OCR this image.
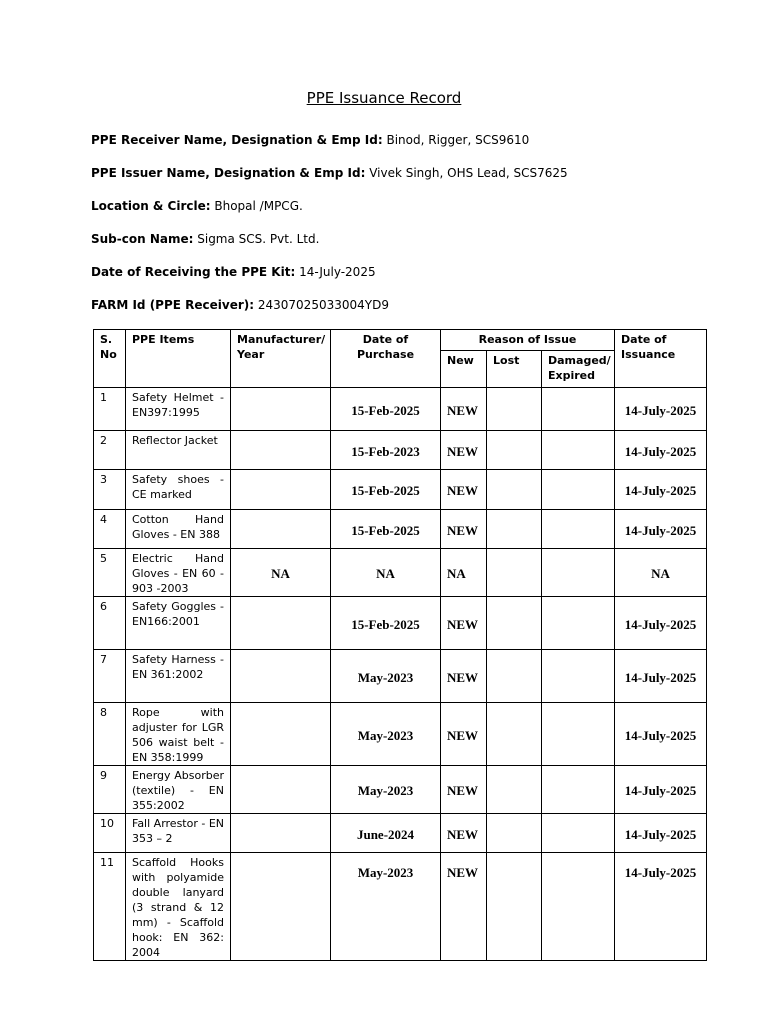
PPE Issuance Record
PPE Receiver Name, Designation & Emp Id: Binod, Rigger, SCS9610
PPE Issuer Name, Designation & Emp Id: Vivek Singh, OHS Lead, SCS7625
Location & Circle: Bhopal /MPCG.
Sub-con Name: Sigma SCS. Pvt. Ltd.
Date of Receiving the PPE Kit: 14-July-2025
FARM Id (PPE Receiver): 24307025033004YD9
S. No	PPE Items	Manufacturer/ Year	Date of Purchase	Reason of Issue			Date of Issuance
				New	Lost	Damaged/ Expired	
1	Safety Helmet - EN397:1995		15-Feb-2025	NEW			14-July-2025
2	Reflector Jacket		15-Feb-2023	NEW			14-July-2025
3	Safety shoes - CE marked		15-Feb-2025	NEW			14-July-2025
4	Cotton Hand Gloves - EN 388		15-Feb-2025	NEW			14-July-2025
5	Electric Hand Gloves - EN 60 - 903 -2003	NA	NA	NA			NA
6	Safety Goggles - EN166:2001		15-Feb-2025	NEW			14-July-2025
7	Safety Harness - EN 361:2002		May-2023	NEW			14-July-2025
8	Rope with adjuster for LGR 506 waist belt - EN 358:1999		May-2023	NEW			14-July-2025
9	Energy Absorber (textile) - EN 355:2002		May-2023	NEW			14-July-2025
10	Fall Arrestor - EN 353 – 2		June-2024	NEW			14-July-2025
11	Scaffold Hooks with polyamide double lanyard (3 strand & 12 mm) - Scaffold hook: EN 362: 2004		May-2023	NEW			14-July-2025
